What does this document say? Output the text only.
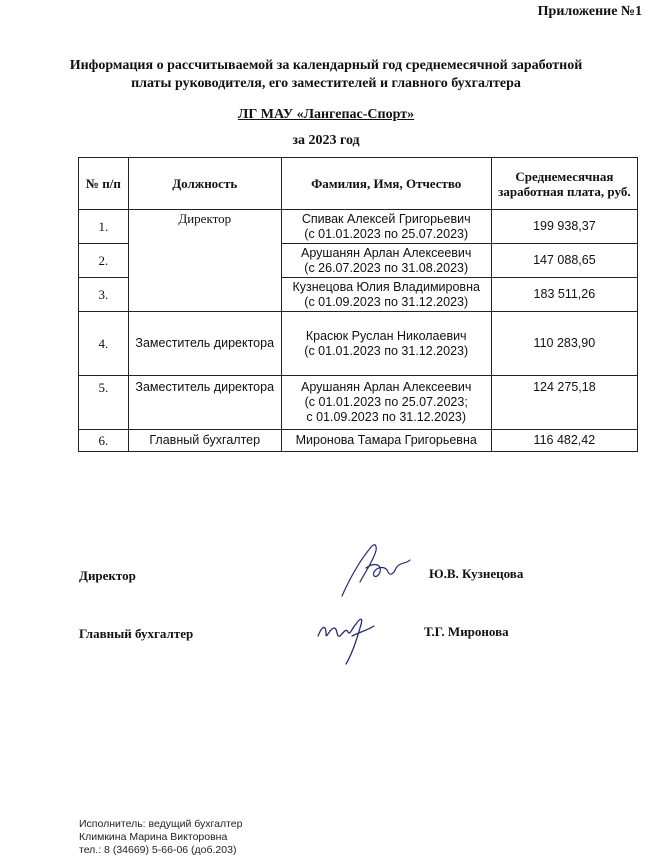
Приложение №1
Информация о расcчитываемой за календарный год среднемесячной заработной
платы руководителя, его заместителей и главного бухгалтера
ЛГ МАУ «Лангепас-Спорт»
за 2023 год
№ п/п	Должность	Фамилия, Имя, Отчество	Среднемесячная заработная плата, руб.
1.	Директор	Спивак Алексей Григорьевич
(с 01.01.2023 по 25.07.2023)	199 938,37
2.		Арушанян Арлан Алексеевич
(с 26.07.2023 по 31.08.2023)	147 088,65
3.		Кузнецова Юлия Владимировна
(с 01.09.2023 по 31.12.2023)	183 511,26
4.	Заместитель директора	Красюк Руслан Николаевич
(с 01.01.2023 по 31.12.2023)	110 283,90
5.	Заместитель директора	Арушанян Арлан Алексеевич
(с 01.01.2023 по 25.07.2023;
с 01.09.2023 по 31.12.2023)	124 275,18
6.	Главный бухгалтер	Миронова Тамара Григорьевна	116 482,42
Директор	Ю.В. Кузнецова
Главный бухгалтер	Т.Г. Миронова
Исполнитель: ведущий бухгалтер
Климкина Марина Викторовна
тел.: 8 (34669) 5-66-06 (доб.203)
